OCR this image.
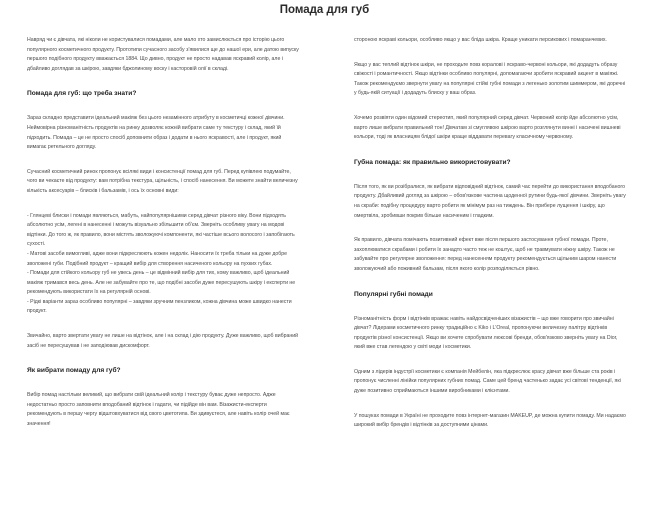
Помада для губ

Навряд чи є дівчата, які ніколи не користувалися помадами, але мало хто замислюється про історію цього популярного косметичного продукту. Прототипи сучасного засобу з'явилися ще до нашої ери, але датою випуску першого подібного продукту вважається 1884. Що дивно, продукт не просто надавав яскравий колір, але і дбайливо доглядав за шкірою, завдяки бджолиному воску і касторовій олії в складі.

Помада для губ: що треба знати?

Зараз складно представити ідеальний макіяж без цього незамінного атрибуту в косметичці кожної дівчини. Неймовірна різноманітність продуктів на ринку дозволяє кожній вибрати саме ту текстуру і склад, який їй підходить. Помада – це не просто спосіб доповнити образ і додати в нього яскравості, але і продукт, який вимагає ретельного догляду.

Сучасний косметичний ринок пропонує всілякі види і консистенції помад для губ. Перед купівлею подумайте, чого ви чекаєте від продукту: вам потрібна текстура, щільність, і спосіб нанесення. Ви можете знайти величезну кількість аксесуарів – блисків і бальзамів, і ось їх основні види:

- Глянцеві блиски і помади являються, мабуть, найпопулярнішими серед дівчат різного віку. Вони підходять абсолютно усім, легені в нанесенні і можуть візуально збільшити об'єм. Зверніть особливу увагу на модові відтінки. До того ж, як правило, вони містять зволожуючі компоненти, які частіше всього волосого і запобігають сухості.
- Матові засоби вимогливі, адже вони підкреслюють кожен недолік. Наносити їх треба тільки на дуже добре зволожені губи. Подібний продукт – кращий вибір для створення насиченого кольору на пухких губах.
- Помади для стійкого кольору губ не увесь день – це відмінний вибір для тих, кому важливо, щоб ідеальний макіяж тримався весь день. Але не забувайте про те, що подібні засоби дуже пересушують шкіру і експерти не рекомендують використати їх на регулярній основі.
- Рідкі варіанти зараз особливо популярні – завдяки зручним пензликом, кожна дівчина може швидко нанести продукт.

Звичайно, варто звертати увагу не лише на відтінок, але і на склад і дію продукту. Дуже важливо, щоб вибраний засіб не пересушував і не заподіював дискомфорт.

Як вибрати помаду для губ?

Вибір помад настільки великий, що вибрати свій ідеальний колір і текстуру буває дуже непросто. Адже недостатньо просто заповнити вподобаний відтінок і гадати, чи підійде він вам. Візажисти-експерти рекомендують в першу чергу відштовхуватися від свого цветотипа. Ви здивуєтеся, але навіть колір очей має значення!

стороною яскраві кольори, особливо якщо у вас бліда шкіра. Краще уникати персикових і помаранчевих.

Якщо у вас теплий відтінок шкіри, не проходьте повз коралові і яскраво-червоні кольори, які додадуть образу свіжості і романтичності. Якщо відтінки особливо популярні, допомагаючи зробити яскравий акцент в макіяжі. Також рекомендуємо звернути увагу на популярні стійкі губні помади з легенько золотим шиммером, які доречні у будь-якій ситуації і додадуть блиску у ваш образ.

Хочемо розвіяти один відомий стереотип, який популярний серед дівчат. Червоний колір йде абсолютно усім, варто лише вибрати правильний тон! Дівчатам зі смуглявою шкірою варто розглянути винні і насичені вишневі кольори, тоді як власницям блідої шкіри краще віддавати перевагу класичному червоному.

Губна помада: як правильно використовувати?

Після того, як ви розібралися, як вибрати відповідний відтінок, самий час перейти до використання вподобаного продукту. Дбайливий догляд за шкірою – обов'язкове частина щоденної рутини будь-якої дівчини. Зверніть увагу на скраби: подібну процедуру варто робити як мінімум раз на тиждень. Він прибере лущення і шкіру, що омертвіла, зробивши покрив більше насиченим і гладким.

Як правило, дівчата помічають позитивний ефект вже після першого застосування губної помади. Проте, захоплюватися скрабами і робити їх занадто часто теж не коштує, щоб не травмувати ніжну шкіру. Також не забувайте про регулярне зволоження: перед нанесенням продукту рекомендується щільним шаром нанести зволожуючий або поживний бальзам, після якого колір розподіляється рівно.

Популярні губні помади

Різноманітність форм і відтінків вражає навіть найдосвідченіших візажистів – що вже говорити про звичайні дівчат? Лідерами косметичного ринку традиційно є Kiko і L'Oreal, пропонуючи величезну палітру відтінків продуктів різної консистенції. Якщо ви хочете спробувати люксові бренди, обов'язково зверніть увагу на Dior, який вже став легендою у світі моди і косметики.

Одним з лідерів індустрії косметики є компанія Мейбелін, яка підкреслює красу дівчат вже більше ста років і пропонує численні лінійки популярних губних помад. Саме цей бренд частенько задає усі світові тенденції, які дуже позитивно сприймаються іншими виробниками і клієнтами.

У пошуках помади в Україні не проходите повз інтернет-магазин MAKEUP, де можна купити помаду. Ми надаємо широкий вибір брендів і відтінків за доступними цінами.
